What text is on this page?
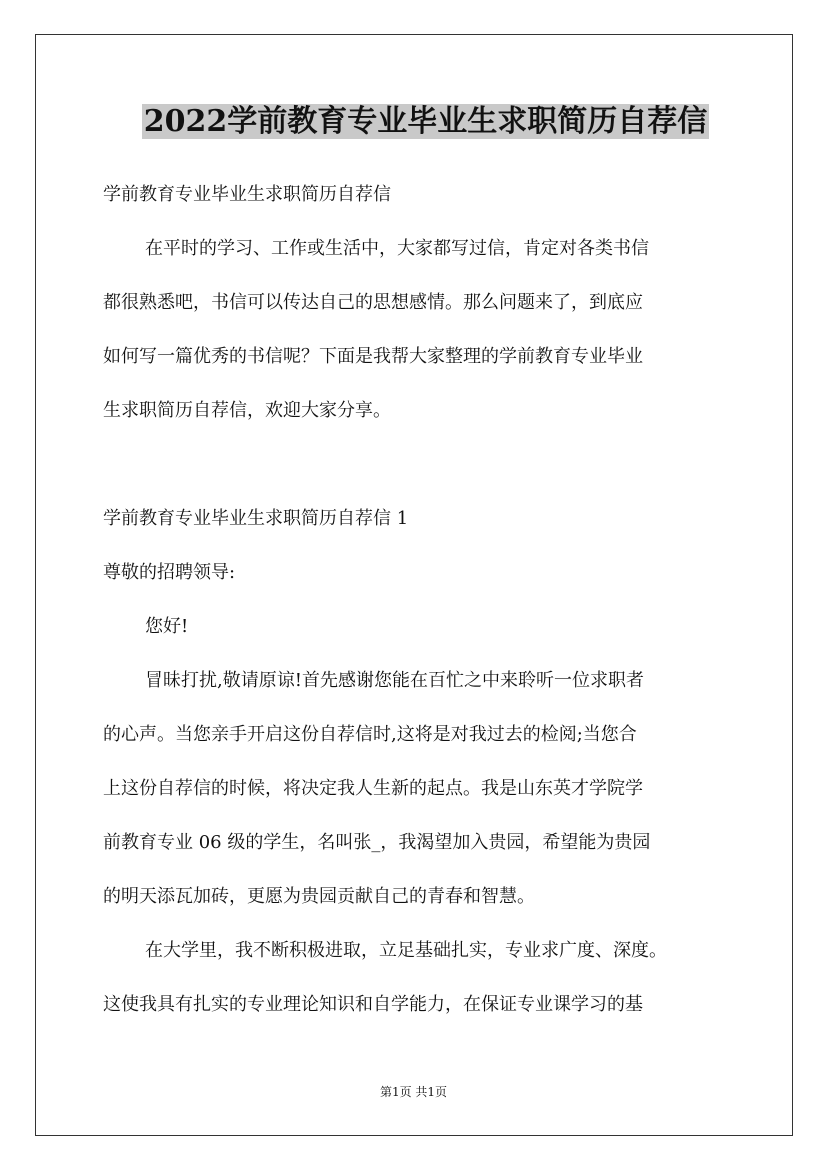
2022学前教育专业毕业生求职简历自荐信

学前教育专业毕业生求职简历自荐信

在平时的学习、工作或生活中，大家都写过信，肯定对各类书信

都很熟悉吧，书信可以传达自己的思想感情。那么问题来了，到底应

如何写一篇优秀的书信呢？下面是我帮大家整理的学前教育专业毕业

生求职简历自荐信，欢迎大家分享。

学前教育专业毕业生求职简历自荐信 1

尊敬的招聘领导:

您好!

冒昧打扰,敬请原谅!首先感谢您能在百忙之中来聆听一位求职者

的心声。当您亲手开启这份自荐信时,这将是对我过去的检阅;当您合

上这份自荐信的时候，将决定我人生新的起点。我是山东英才学院学

前教育专业 06 级的学生，名叫张_，我渴望加入贵园，希望能为贵园

的明天添瓦加砖，更愿为贵园贡献自己的青春和智慧。

在大学里，我不断积极进取，立足基础扎实，专业求广度、深度。

这使我具有扎实的专业理论知识和自学能力，在保证专业课学习的基

第1页 共1页
